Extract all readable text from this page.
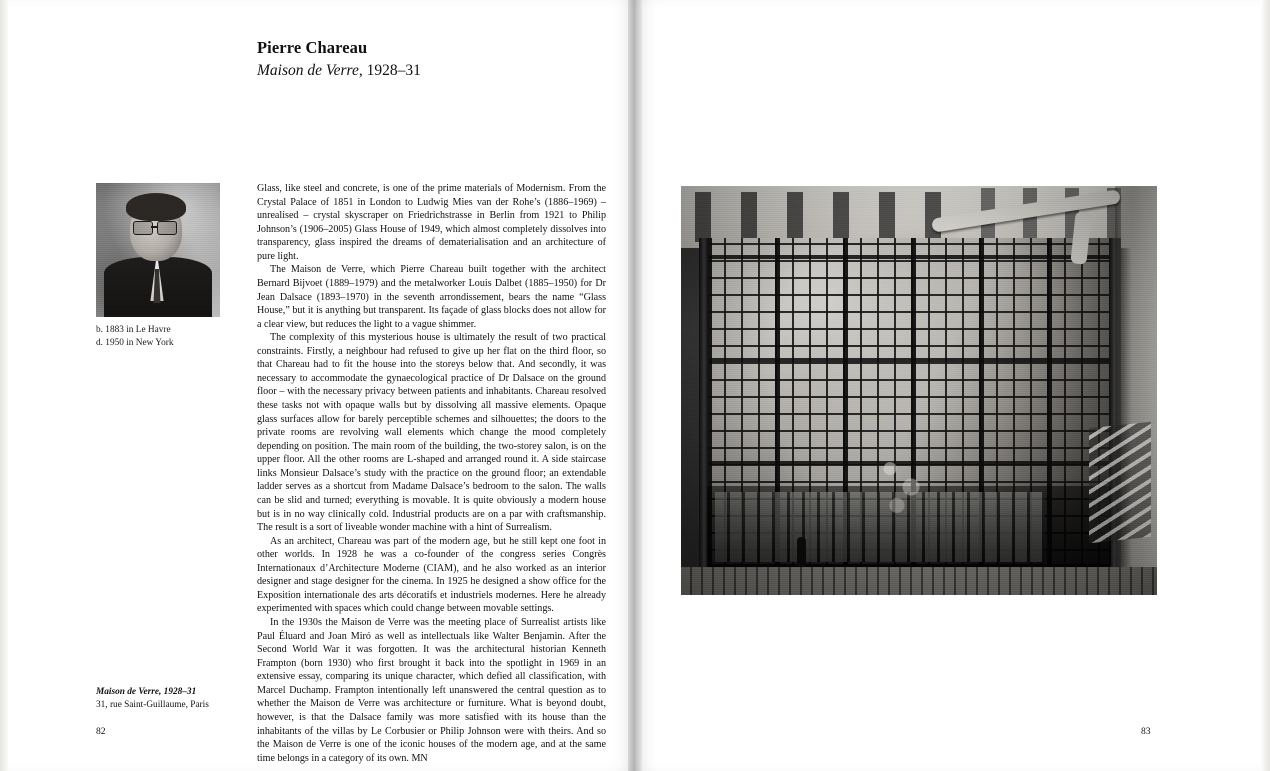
Pierre Chareau
Maison de Verre, 1928–31
b. 1883 in Le Havre
d. 1950 in New York

Glass, like steel and concrete, is one of the prime materials of Modernism. From the Crystal Palace of 1851 in London to Ludwig Mies van der Rohe’s (1886–1969) – unrealised – crystal skyscraper on Friedrichstrasse in Berlin from 1921 to Philip Johnson’s (1906–2005) Glass House of 1949, which almost completely dissolves into transparency, glass inspired the dreams of dematerialisation and an architecture of pure light.

The Maison de Verre, which Pierre Chareau built together with the architect Bernard Bijvoet (1889–1979) and the metalworker Louis Dalbet (1885–1950) for Dr Jean Dalsace (1893–1970) in the seventh arrondissement, bears the name “Glass House,” but it is anything but transparent. Its façade of glass blocks does not allow for a clear view, but reduces the light to a vague shimmer.

The complexity of this mysterious house is ultimately the result of two practical constraints. Firstly, a neighbour had refused to give up her flat on the third floor, so that Chareau had to fit the house into the storeys below that. And secondly, it was necessary to accommodate the gynaecological practice of Dr Dalsace on the ground floor – with the necessary privacy between patients and inhabitants. Chareau resolved these tasks not with opaque walls but by dissolving all massive elements. Opaque glass surfaces allow for barely perceptible schemes and silhouettes; the doors to the private rooms are revolving wall elements which change the mood completely depending on position. The main room of the building, the two-storey salon, is on the upper floor. All the other rooms are L-shaped and arranged round it. A side staircase links Monsieur Dalsace’s study with the practice on the ground floor; an extendable ladder serves as a shortcut from Madame Dalsace’s bedroom to the salon. The walls can be slid and turned; everything is movable. It is quite obviously a modern house but is in no way clinically cold. Industrial products are on a par with craftsmanship. The result is a sort of liveable wonder machine with a hint of Surrealism.

As an architect, Chareau was part of the modern age, but he still kept one foot in other worlds. In 1928 he was a co-founder of the congress series Congrès Internationaux d’Architecture Moderne (CIAM), and he also worked as an interior designer and stage designer for the cinema. In 1925 he designed a show office for the Exposition internationale des arts décoratifs et industriels modernes. Here he already experimented with spaces which could change between movable settings.

In the 1930s the Maison de Verre was the meeting place of Surrealist artists like Paul Éluard and Joan Miró as well as intellectuals like Walter Benjamin. After the Second World War it was forgotten. It was the architectural historian Kenneth Frampton (born 1930) who first brought it back into the spotlight in 1969 in an extensive essay, comparing its unique character, which defied all classification, with Marcel Duchamp. Frampton intentionally left unanswered the central question as to whether the Maison de Verre was architecture or furniture. What is beyond doubt, however, is that the Dalsace family was more satisfied with its house than the inhabitants of the villas by Le Corbusier or Philip Johnson were with theirs. And so the Maison de Verre is one of the iconic houses of the modern age, and at the same time belongs in a category of its own. MN

Maison de Verre, 1928–31
31, rue Saint-Guillaume, Paris
82	83
